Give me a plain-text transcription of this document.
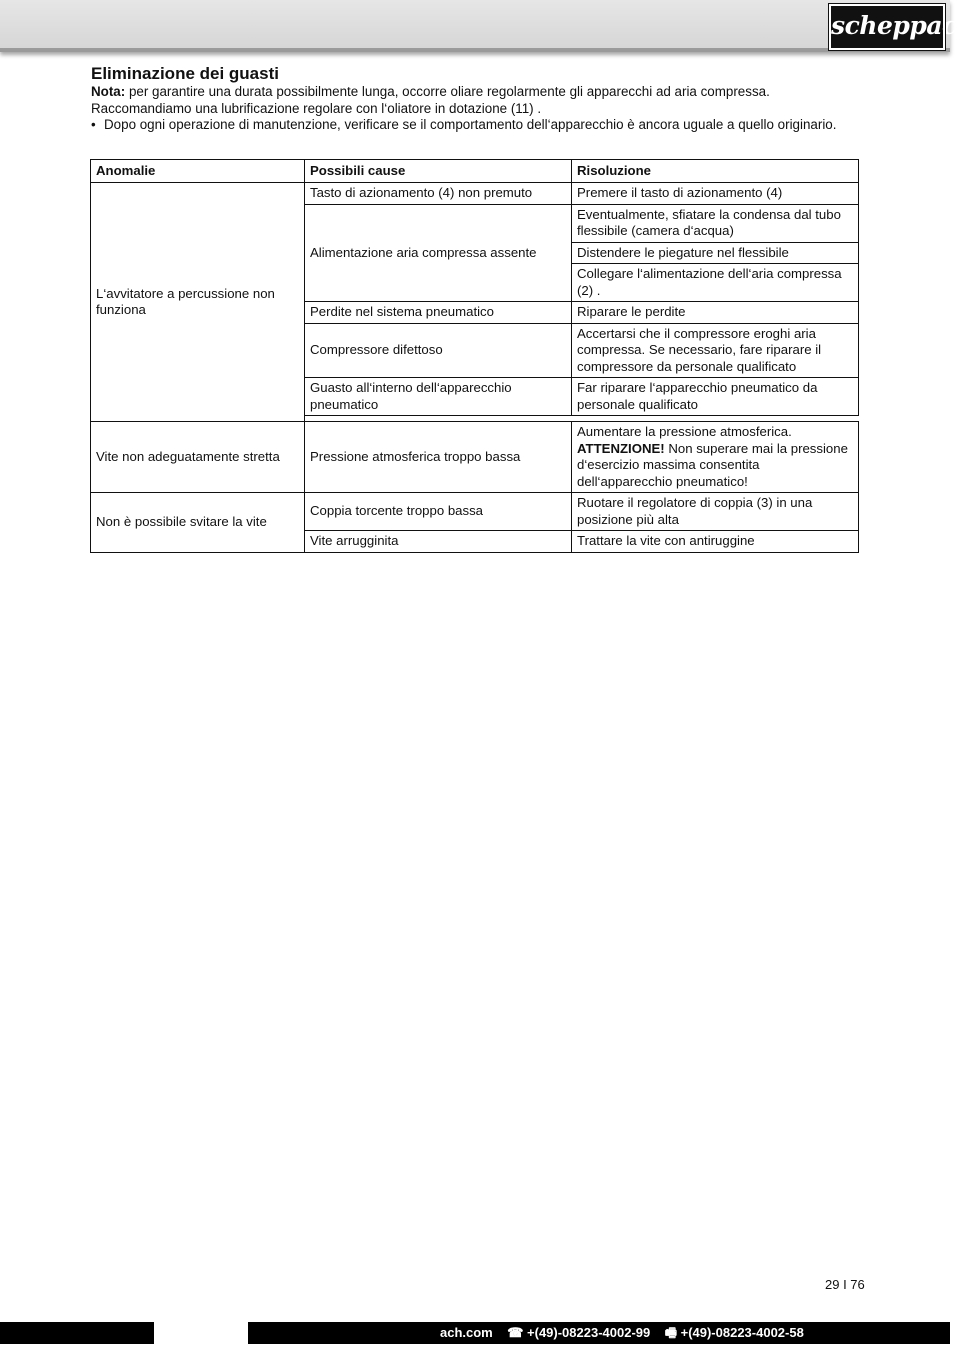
scheppach
Eliminazione dei guasti

Nota: per garantire una durata possibilmente lunga, occorre oliare regolarmente gli apparecchi ad aria compressa. Raccomandiamo una lubrificazione regolare con l‘oliatore in dotazione (11) .

• Dopo ogni operazione di manutenzione, verificare se il comportamento dell‘apparecchio è ancora uguale a quello originario.
Anomalie	Possibili cause	Risoluzione
L‘avvitatore a percussione non funziona	Tasto di azionamento (4) non premuto	Premere il tasto di azionamento (4)
	Alimentazione aria compressa assente	Eventualmente, sfiatare la condensa dal tubo flessibile (camera d‘acqua)
		Distendere le piegature nel flessibile
		Collegare l‘alimentazione dell‘aria compressa (2) .
	Perdite nel sistema pneumatico	Riparare le perdite
	Compressore difettoso	Accertarsi che il compressore eroghi aria compressa. Se necessario, fare riparare il compressore da personale qualificato
	Guasto all‘interno dell‘apparecchio pneumatico	Far riparare l‘apparecchio pneumatico da personale qualificato

Vite non adeguatamente stretta	Pressione atmosferica troppo bassa	Aumentare la pressione atmosferica.
ATTENZIONE! Non superare mai la pressione d‘esercizio massima consentita dell‘apparecchio pneumatico!
Non è possibile svitare la vite	Coppia torcente troppo bassa	Ruotare il regolatore di coppia (3) in una posizione più alta
	Vite arrugginita	Trattare la vite con antiruggine
29 I 76
ach.com ☎ +(49)-08223-4002-99 🖷 +(49)-08223-4002-58
